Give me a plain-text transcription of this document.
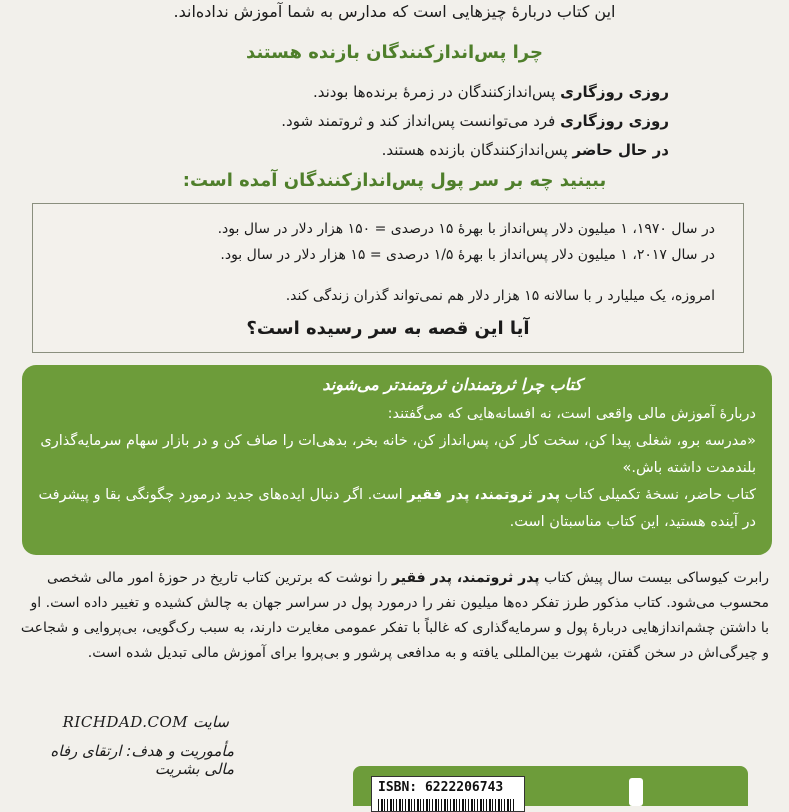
این کتاب دربارهٔ چیزهایی است که مدارس به شما آموزش نداده‌اند.
چرا پس‌اندازکنندگان بازنده هستند
روزی روزگاری پس‌اندازکنندگان در زمرهٔ برنده‌ها بودند.
روزی روزگاری فرد می‌توانست پس‌انداز کند و ثروتمند شود.
در حال حاضر پس‌اندازکنندگان بازنده هستند.
ببینید چه بر سر پول پس‌اندازکنندگان آمده است:
در سال ۱۹۷۰، ۱ میلیون دلار پس‌انداز با بهرهٔ ۱۵ درصدی = ۱۵۰ هزار دلار در سال بود.
در سال ۲۰۱۷، ۱ میلیون دلار پس‌انداز با بهرهٔ ۱/۵ درصدی = ۱۵ هزار دلار در سال بود.
امروزه، یک میلیارد ر با سالانه ۱۵ هزار دلار هم نمی‌تواند گذران زندگی کند.
آیا این قصه به سر رسیده است؟
کتاب چرا ثروتمندان ثروتمندتر می‌شوند
دربارهٔ آموزش مالی واقعی است، نه افسانه‌هایی که می‌گفتند:
«مدرسه برو، شغلی پیدا کن، سخت کار کن، پس‌انداز کن، خانه بخر، بدهی‌ات را صاف کن و در بازار سهام سرمایه‌گذاری بلندمدت داشته باش.»
کتاب حاضر، نسخهٔ تکمیلی کتاب پدر ثروتمند، پدر فقیر است. اگر دنبال ایده‌های جدید درمورد چگونگی بقا و پیشرفت در آینده هستید، این کتاب مناسبتان است.
رابرت کیوساکی بیست سال پیش کتاب پدر ثروتمند، پدر فقیر را نوشت که برترین کتاب تاریخ در حوزهٔ امور مالی شخصی محسوب می‌شود. کتاب مذکور طرز تفکر ده‌ها میلیون نفر را درمورد پول در سراسر جهان به چالش کشیده و تغییر داده است. او با داشتن چشم‌اندازهایی دربارهٔ پول و سرمایه‌گذاری که غالباً با تفکر عمومی مغایرت دارند، به سبب رک‌گویی، بی‌پروایی و شجاعت و چیرگی‌اش در سخن گفتن، شهرت بین‌المللی یافته و به مدافعی پرشور و بی‌پروا برای آموزش مالی تبدیل شده است.
سایت RICHDAD.COM
مأموریت و هدف: ارتقای رفاه مالی بشریت
ISBN: 6222206743
